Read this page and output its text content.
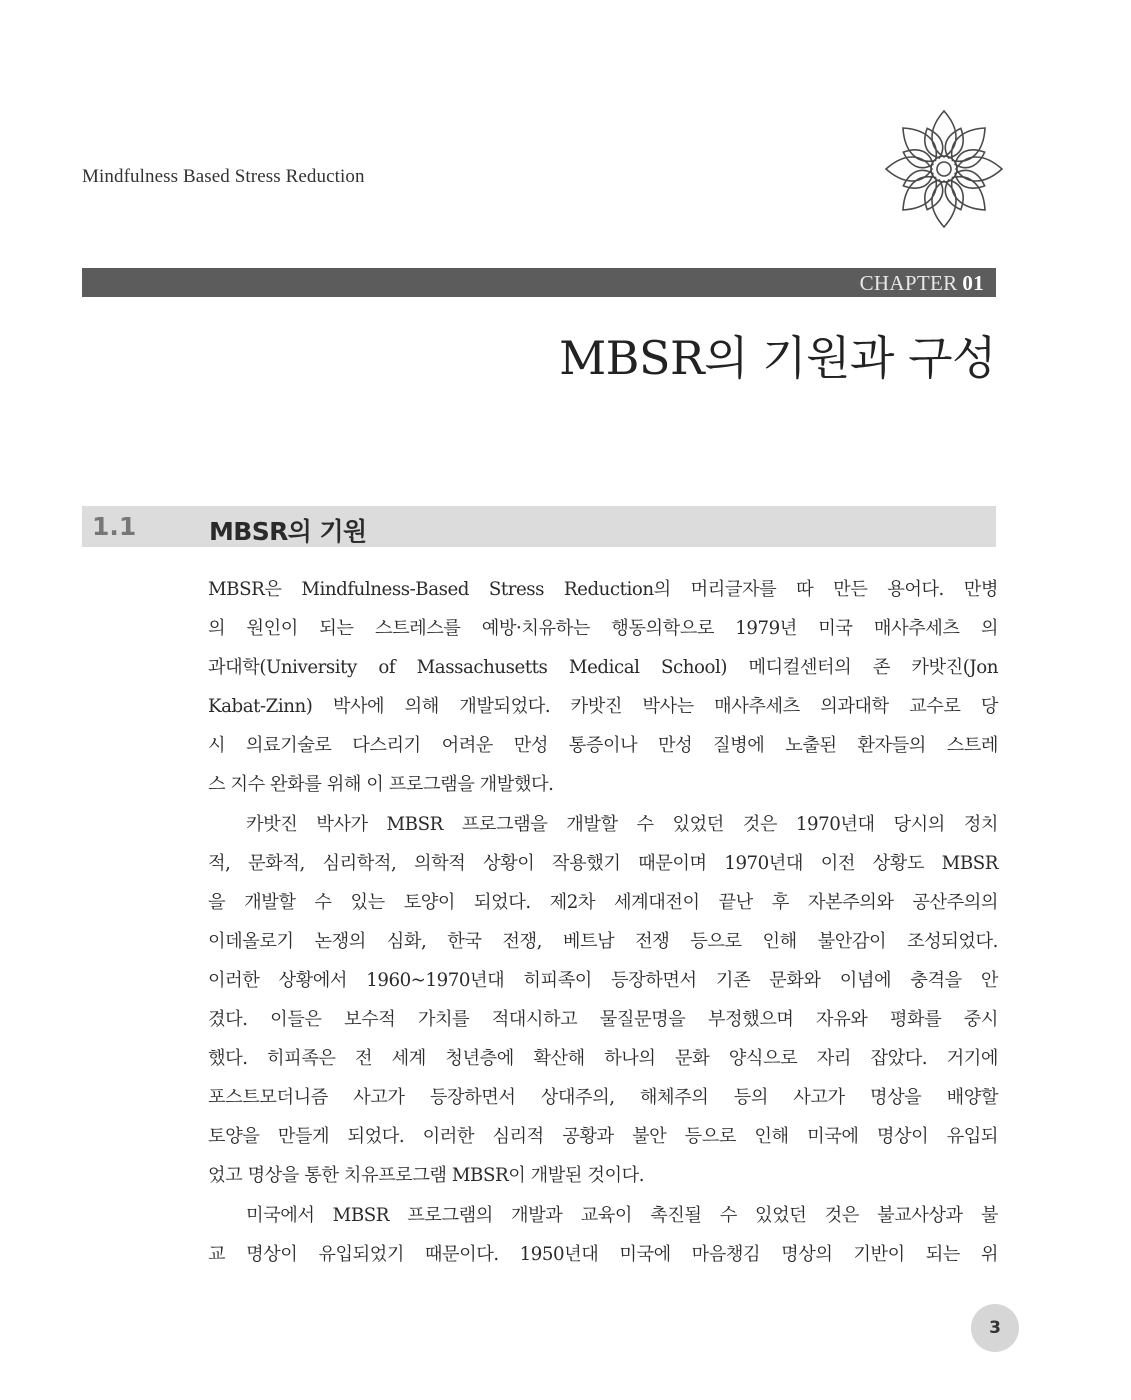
Mindfulness Based Stress Reduction
CHAPTER 01
MBSR의 기원과 구성
1.1	MBSR의 기원
MBSR은 Mindfulness-Based Stress Reduction의 머리글자를 따 만든 용어다. 만병
의 원인이 되는 스트레스를 예방·치유하는 행동의학으로 1979년 미국 매사추세츠 의
과대학(University of Massachusetts Medical School) 메디컬센터의 존 카밧진(Jon
Kabat-Zinn) 박사에 의해 개발되었다. 카밧진 박사는 매사추세츠 의과대학 교수로 당
시 의료기술로 다스리기 어려운 만성 통증이나 만성 질병에 노출된 환자들의 스트레
스 지수 완화를 위해 이 프로그램을 개발했다.
카밧진 박사가 MBSR 프로그램을 개발할 수 있었던 것은 1970년대 당시의 정치
적, 문화적, 심리학적, 의학적 상황이 작용했기 때문이며 1970년대 이전 상황도 MBSR
을 개발할 수 있는 토양이 되었다. 제2차 세계대전이 끝난 후 자본주의와 공산주의의
이데올로기 논쟁의 심화, 한국 전쟁, 베트남 전쟁 등으로 인해 불안감이 조성되었다.
이러한 상황에서 1960~1970년대 히피족이 등장하면서 기존 문화와 이념에 충격을 안
겼다. 이들은 보수적 가치를 적대시하고 물질문명을 부정했으며 자유와 평화를 중시
했다. 히피족은 전 세계 청년층에 확산해 하나의 문화 양식으로 자리 잡았다. 거기에
포스트모더니즘 사고가 등장하면서 상대주의, 해체주의 등의 사고가 명상을 배양할
토양을 만들게 되었다. 이러한 심리적 공황과 불안 등으로 인해 미국에 명상이 유입되
었고 명상을 통한 치유프로그램 MBSR이 개발된 것이다.
미국에서 MBSR 프로그램의 개발과 교육이 촉진될 수 있었던 것은 불교사상과 불
교 명상이 유입되었기 때문이다. 1950년대 미국에 마음챙김 명상의 기반이 되는 위
3
